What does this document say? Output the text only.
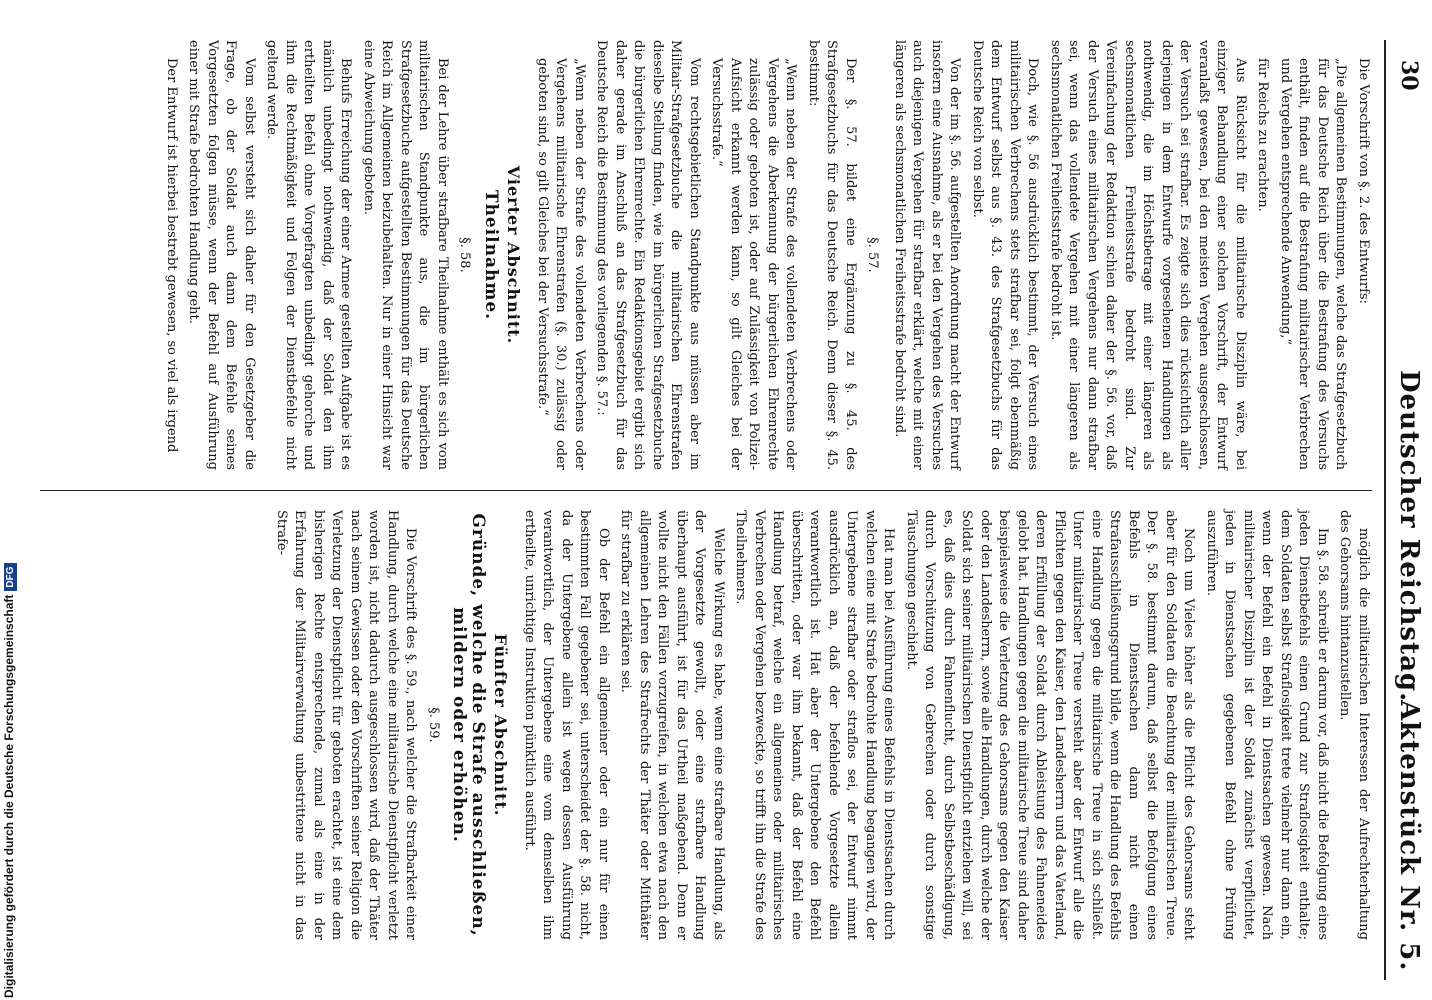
30
Deutscher Reichstag.
Aktenstück Nr. 5.

Die Vorschrift von §. 2. des Entwurfs:

„Die allgemeinen Bestimmungen, welche das Strafgesetzbuch für das Deutsche Reich über die Bestrafung des Versuchs enthält, finden auf die Bestrafung militairischer Verbrechen und Vergehen entsprechende Anwendung,“

für Reichs zu erachten.

Aus Rücksicht für die militairische Disziplin wäre, bei einziger Behandlung einer solchen Vorschrift, der Entwurf veranlaßt gewesen, bei den meisten Vergehen ausgeschlossen, der Versuch sei strafbar. Es zeigte sich dies rücksichtlich aller derjenigen in dem Entwurfe vorgesehenen Handlungen als nothwendig, die im Höchstbetrage mit einer längeren als sechsmonatlichen Freiheitsstrafe bedroht sind. Zur Vereinfachung der Redaktion schien daher der §. 56. vor, daß der Versuch eines militairischen Vergehens nur dann strafbar sei, wenn das vollendete Vergehen mit einer längeren als sechsmonatlichen Freiheitsstrafe bedroht ist.

Doch, wie §. 56 ausdrücklich bestimmt, der Versuch eines militairischen Verbrechens stets strafbar sei, folgt ebenmäßig dem Entwurf selbst aus §. 43. des Strafgesetzbuchs für das Deutsche Reich von selbst.

Von der im §. 56. aufgestellten Anordnung macht der Entwurf insofern eine Ausnahme, als er bei den Vergehen des Versuches auch diejenigen Vergehen für strafbar erklärt, welche mit einer längeren als sechsmonatlichen Freiheitsstrafe bedroht sind.

§. 57.

Der §. 57. bildet eine Ergänzung zu §. 45. des Strafgesetzbuchs für das Deutsche Reich. Denn dieser §. 45. bestimmt:

„Wenn neben der Strafe des vollendeten Verbrechens oder Vergehens die Aberkennung der bürgerlichen Ehrenrechte zulässig oder geboten ist, oder auf Zulässigkeit von Polizei-Aufsicht erkannt werden kann, so gilt Gleiches bei der Versuchsstrafe.“

Vom rechtsgebietlichen Standpunkte aus müssen aber im Militair-Strafgesetzbuche die militairischen Ehrenstrafen dieselbe Stellung finden, wie im bürgerlichen Strafgesetzbuche die bürgerlichen Ehrenrechte. Ein Redaktionsgebiet ergibt sich daher gerade im Anschluß an das Strafgesetzbuch für das Deutsche Reich die Bestimmung des vorliegenden §. 57.:

„Wenn neben der Strafe des vollendeten Verbrechens oder Vergehens militairische Ehrenstrafen (§. 30.) zulässig oder geboten sind, so gilt Gleiches bei der Versuchsstrafe.“

Vierter Abschnitt.
Theilnahme.
§. 58.

Bei der Lehre über strafbare Theilnahme enthält es sich vom militairischen Standpunkte aus, die im bürgerlichen Strafgesetzbuche aufgestellten Bestimmungen für das Deutsche Reich im Allgemeinen beizubehalten. Nur in einer Hinsicht war eine Abweichung geboten.

Behufs Erreichung der einer Armee gestellten Aufgabe ist es nämlich unbedingt nothwendig, daß der Soldat den ihm ertheilten Befehl ohne Vorgefragten unbedingt gehorche und ihm die Rechtmäßigkeit und Folgen der Dienstbefehle nicht geltend werde.

Vom selbst versteht sich daher für den Gesetzgeber die Frage, ob der Soldat auch dann dem Befehle seines Vorgesetzten folgen müsse, wenn der Befehl auf Ausführung einer mit Strafe bedrohten Handlung geht.

Der Entwurf ist hierbei bestrebt gewesen, so viel als irgend

möglich die militairischen Interessen der Aufrechterhaltung des Gehorsams hintanzustellen.

Im §. 58. schreibt er darum vor, daß nicht die Befolgung eines jeden Dienstbefehls einen Grund zur Straflosigkeit enthalte; dem Soldaten selbst Straflosigkeit trete vielmehr nur dann ein, wenn der Befehl ein Befehl in Dienstsachen gewesen. Nach militairischer Disziplin ist der Soldat zunächst verpflichtet, jeden in Dienstsachen gegebenen Befehl ohne Prüfung auszuführen.

Noch um Vieles höher als die Pflicht des Gehorsams steht aber für den Soldaten die Beachtung der militairischen Treue. Der §. 58. bestimmt darum, daß selbst die Befolgung eines Befehls in Dienstsachen dann nicht einen Strafausschließungsgrund bilde, wenn die Handlung des Befehls eine Handlung gegen die militairische Treue in sich schließt. Unter militairischer Treue versteht aber der Entwurf alle die Pflichten gegen den Kaiser, den Landesherrn und das Vaterland, deren Erfüllung der Soldat durch Ableistung des Fahneneides gelobt hat. Handlungen gegen die militairische Treue sind daher beispielsweise die Verletzung des Gehorsams gegen den Kaiser oder den Landesherrn, sowie alle Handlungen, durch welche der Soldat sich seiner militairischen Dienstpflicht entziehen will, sei es, daß dies durch Fahnenflucht, durch Selbstbeschädigung, durch Vorschützung von Gebrechen oder durch sonstige Täuschungen geschieht.

Hat man bei Ausführung eines Befehls in Dienstsachen durch welchen eine mit Strafe bedrohte Handlung begangen wird, der Untergebene strafbar oder straflos sei, der Entwurf nimmt ausdrücklich an, daß der befehlende Vorgesetzte allein verantwortlich ist. Hat aber der Untergebene den Befehl überschritten, oder war ihm bekannt, daß der Befehl eine Handlung betraf, welche ein allgemeines oder militairisches Verbrechen oder Vergehen bezweckte, so trifft ihn die Strafe des Theilnehmers.

Welche Wirkung es habe, wenn eine strafbare Handlung, als der Vorgesetzte gewollt, oder eine strafbare Handlung überhaupt ausführt, ist für das Urtheil maßgebend. Denn er wollte nicht den Fällen vorzugreifen, in welchen etwa nach den allgemeinen Lehren des Strafrechts der Thäter oder Mitthäter für strafbar zu erklären sei.

Ob der Befehl ein allgemeiner oder ein nur für einen bestimmten Fall gegebener sei, unterscheidet der §. 58. nicht, da der Untergebene allein ist wegen dessen Ausführung verantwortlich, der Untergebene eine vom demselben ihm ertheilte, unrichtige Instruktion pünktlich ausführt.

Fünfter Abschnitt.
Gründe, welche die Strafe ausschließen, mildern oder erhöhen.
§. 59.

Die Vorschrift des §. 59., nach welcher die Strafbarkeit einer Handlung, durch welche eine militairische Dienstpflicht verletzt worden ist, nicht dadurch ausgeschlossen wird, daß der Thäter nach seinem Gewissen oder den Vorschriften seiner Religion die Verletzung der Dienstpflicht für geboten erachtet, ist eine dem bisherigen Rechte entsprechende, zumal als eine in der Erfahrung der Militairverwaltung unbestrittene nicht in das Strafe-

Digitalisierung gefördert durch die Deutsche ForschungsgemeinschaftDFG
